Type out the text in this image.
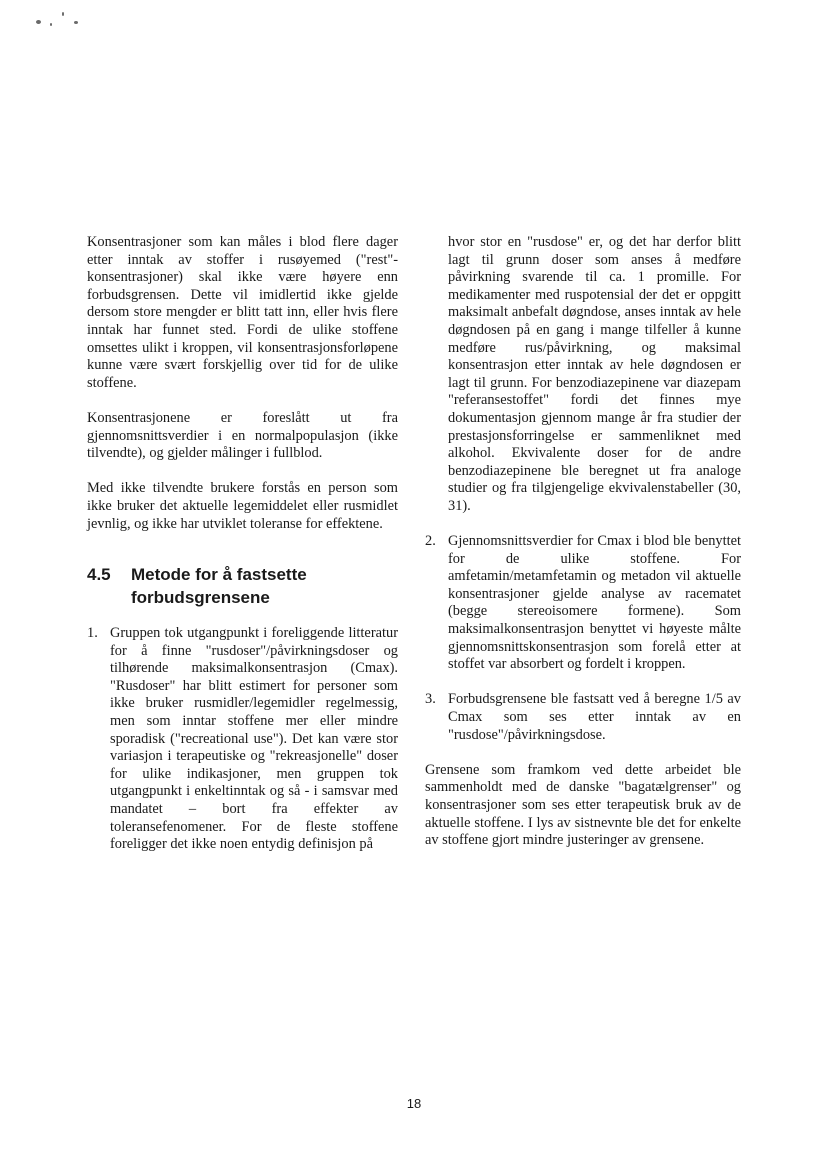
Konsentrasjoner som kan måles i blod flere dager etter inntak av stoffer i rusøyemed ("rest"-konsentrasjoner) skal ikke være høyere enn forbudsgrensen. Dette vil imidlertid ikke gjelde dersom store mengder er blitt tatt inn, eller hvis flere inntak har funnet sted. Fordi de ulike stoffene omsettes ulikt i kroppen, vil konsentrasjonsforløpene kunne være svært forskjellig over tid for de ulike stoffene.

Konsentrasjonene er foreslått ut fra gjennomsnittsverdier i en normalpopulasjon (ikke tilvendte), og gjelder målinger i fullblod.

Med ikke tilvendte brukere forstås en person som ikke bruker det aktuelle legemiddelet eller rusmidlet jevnlig, og ikke har utviklet toleranse for effektene.

4.5 Metode for å fastsette forbudsgrensene
1. Gruppen tok utgangpunkt i foreliggende litteratur for å finne "rusdoser"/påvirkningsdoser og tilhørende maksimalkonsentrasjon (Cmax). "Rusdoser" har blitt estimert for personer som ikke bruker rusmidler/legemidler regelmessig, men som inntar stoffene mer eller mindre sporadisk ("recreational use"). Det kan være stor variasjon i terapeutiske og "rekreasjonelle" doser for ulike indikasjoner, men gruppen tok utgangpunkt i enkeltinntak og så - i samsvar med mandatet – bort fra effekter av toleransefenomener. For de fleste stoffene foreligger det ikke noen entydig definisjon på

hvor stor en "rusdose" er, og det har derfor blitt lagt til grunn doser som anses å medføre påvirkning svarende til ca. 1 promille. For medikamenter med ruspotensial der det er oppgitt maksimalt anbefalt døgndose, anses inntak av hele døgndosen på en gang i mange tilfeller å kunne medføre rus/påvirkning, og maksimal konsentrasjon etter inntak av hele døgndosen er lagt til grunn. For benzodiazepinene var diazepam "referansestoffet" fordi det finnes mye dokumentasjon gjennom mange år fra studier der prestasjonsforringelse er sammenliknet med alkohol. Ekvivalente doser for de andre benzodiazepinene ble beregnet ut fra analoge studier og fra tilgjengelige ekvivalenstabeller (30, 31).

2. Gjennomsnittsverdier for Cmax i blod ble benyttet for de ulike stoffene. For amfetamin/metamfetamin og metadon vil aktuelle konsentrasjoner gjelde analyse av racematet (begge stereoisomere formene). Som maksimalkonsentrasjon benyttet vi høyeste målte gjennomsnittskonsentrasjon som forelå etter at stoffet var absorbert og fordelt i kroppen.

3. Forbudsgrensene ble fastsatt ved å beregne 1/5 av Cmax som ses etter inntak av en "rusdose"/påvirkningsdose.

Grensene som framkom ved dette arbeidet ble sammenholdt med de danske "bagatælgrenser" og konsentrasjoner som ses etter terapeutisk bruk av de aktuelle stoffene. I lys av sistnevnte ble det for enkelte av stoffene gjort mindre justeringer av grensene.

18
